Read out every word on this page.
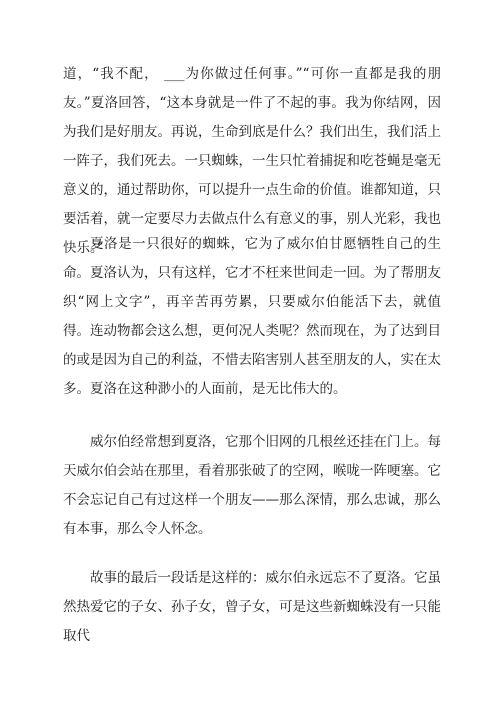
道，“我不配， ___为你做过任何事。”“可你一直都是我的朋友。”夏洛回答，“这本身就是一件了不起的事。我为你结网，因为我们是好朋友。再说，生命到底是什么？我们出生，我们活上一阵子，我们死去。一只蜘蛛，一生只忙着捕捉和吃苍蝇是毫无意义的，通过帮助你，可以提升一点生命的价值。谁都知道，只要活着，就一定要尽力去做点什么有意义的事，别人光彩，我也快乐。”

夏洛是一只很好的蜘蛛，它为了威尔伯甘愿牺牲自己的生命。夏洛认为，只有这样，它才不枉来世间走一回。为了帮朋友织“网上文字”，再辛苦再劳累，只要威尔伯能活下去，就值得。连动物都会这么想，更何况人类呢？然而现在，为了达到目的或是因为自己的利益，不惜去陷害别人甚至朋友的人，实在太多。夏洛在这种渺小的人面前，是无比伟大的。

威尔伯经常想到夏洛，它那个旧网的几根丝还挂在门上。每天威尔伯会站在那里，看着那张破了的空网，喉咙一阵哽塞。它不会忘记自己有过这样一个朋友——那么深情，那么忠诚，那么有本事，那么令人怀念。

故事的最后一段话是这样的：威尔伯永远忘不了夏洛。它虽然热爱它的子女、孙子女，曾子女，可是这些新蜘蛛没有一只能取代
